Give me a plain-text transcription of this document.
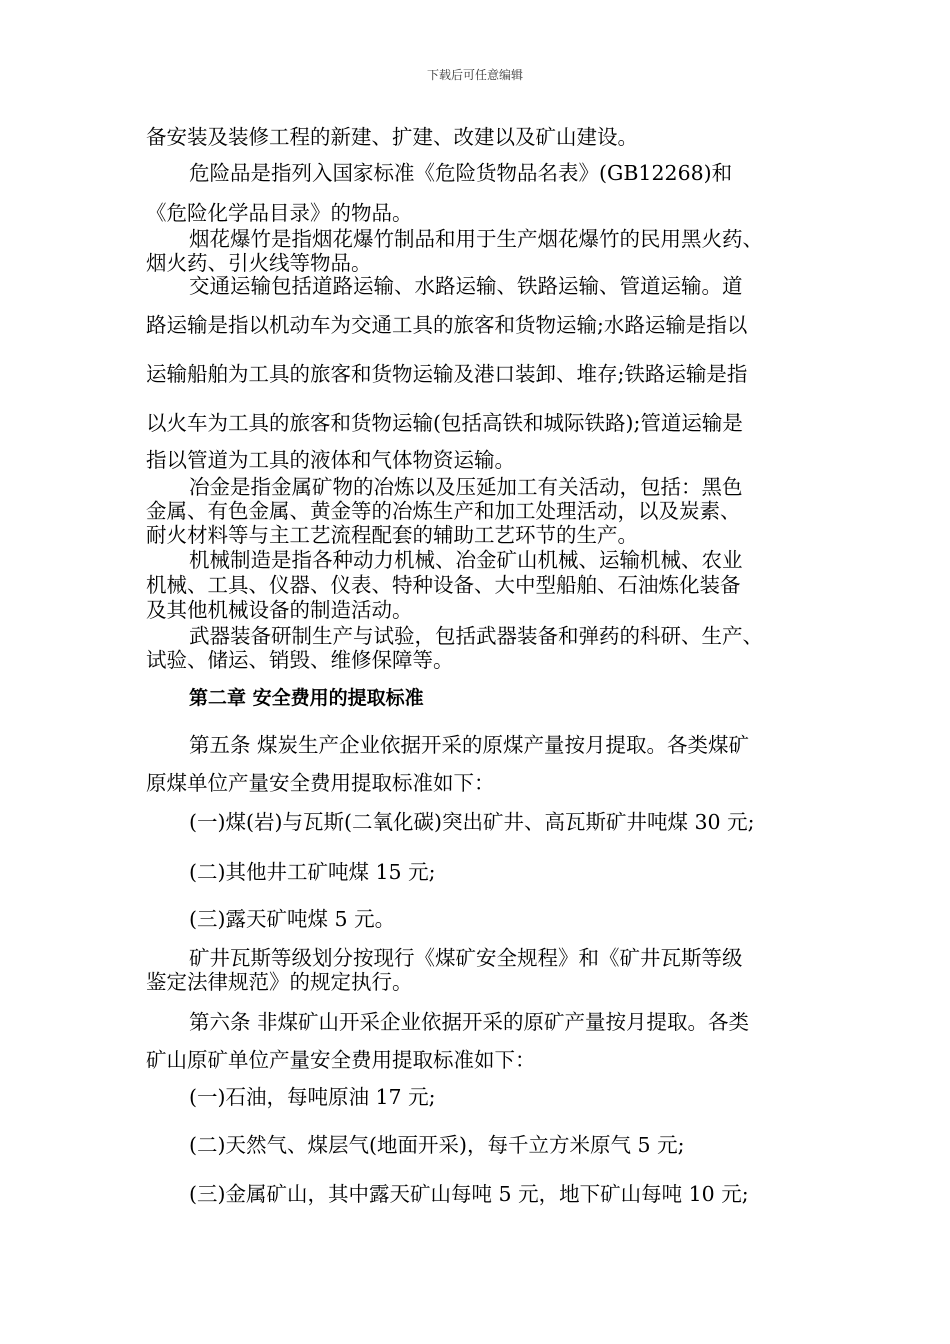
下载后可任意编辑
备安装及装修工程的新建、扩建、改建以及矿山建设。
危险品是指列入国家标准《危险货物品名表》(GB12268)和
《危险化学品目录》的物品。
烟花爆竹是指烟花爆竹制品和用于生产烟花爆竹的民用黑火药、
烟火药、引火线等物品。
交通运输包括道路运输、水路运输、铁路运输、管道运输。道
路运输是指以机动车为交通工具的旅客和货物运输;水路运输是指以
运输船舶为工具的旅客和货物运输及港口装卸、堆存;铁路运输是指
以火车为工具的旅客和货物运输(包括高铁和城际铁路);管道运输是
指以管道为工具的液体和气体物资运输。
冶金是指金属矿物的冶炼以及压延加工有关活动，包括：黑色
金属、有色金属、黄金等的冶炼生产和加工处理活动，以及炭素、
耐火材料等与主工艺流程配套的辅助工艺环节的生产。
机械制造是指各种动力机械、冶金矿山机械、运输机械、农业
机械、工具、仪器、仪表、特种设备、大中型船舶、石油炼化装备
及其他机械设备的制造活动。
武器装备研制生产与试验，包括武器装备和弹药的科研、生产、
试验、储运、销毁、维修保障等。
第二章 安全费用的提取标准
第五条 煤炭生产企业依据开采的原煤产量按月提取。各类煤矿
原煤单位产量安全费用提取标准如下：
(一)煤(岩)与瓦斯(二氧化碳)突出矿井、高瓦斯矿井吨煤 30 元;
(二)其他井工矿吨煤 15 元;
(三)露天矿吨煤 5 元。
矿井瓦斯等级划分按现行《煤矿安全规程》和《矿井瓦斯等级
鉴定法律规范》的规定执行。
第六条 非煤矿山开采企业依据开采的原矿产量按月提取。各类
矿山原矿单位产量安全费用提取标准如下：
(一)石油，每吨原油 17 元;
(二)天然气、煤层气(地面开采)，每千立方米原气 5 元;
(三)金属矿山，其中露天矿山每吨 5 元，地下矿山每吨 10 元;
